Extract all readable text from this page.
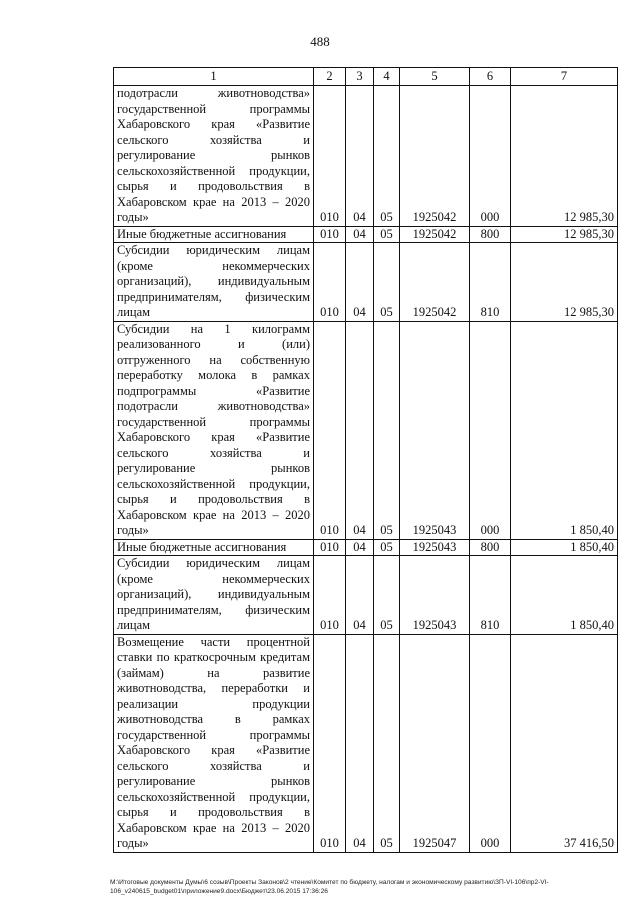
488
1	2	3	4	5	6	7
подотрасли животноводства» государственной программы Хабаровского края «Развитие сельского хозяйства и регулирование рынков сельскохозяйственной продукции, сырья и продовольствия в Хабаровском крае на 2013 – 2020 годы»	010	04	05	1925042	000	12 985,30
Иные бюджетные ассигнования	010	04	05	1925042	800	12 985,30
Субсидии юридическим лицам (кроме некоммерческих организаций), индивидуальным предпринимателям, физическим лицам	010	04	05	1925042	810	12 985,30
Субсидии на 1 килограмм реализованного и (или) отгруженного на собственную переработку молока в рамках подпрограммы «Развитие подотрасли животноводства» государственной программы Хабаровского края «Развитие сельского хозяйства и регулирование рынков сельскохозяйственной продукции, сырья и продовольствия в Хабаровском крае на 2013 – 2020 годы»	010	04	05	1925043	000	1 850,40
Иные бюджетные ассигнования	010	04	05	1925043	800	1 850,40
Субсидии юридическим лицам (кроме некоммерческих организаций), индивидуальным предпринимателям, физическим лицам	010	04	05	1925043	810	1 850,40
Возмещение части процентной ставки по краткосрочным кредитам (займам) на развитие животноводства, переработки и реализации продукции животноводства в рамках государственной программы Хабаровского края «Развитие сельского хозяйства и регулирование рынков сельскохозяйственной продукции, сырья и продовольствия в Хабаровском крае на 2013 – 2020 годы»	010	04	05	1925047	000	37 416,50
M:\Итоговые документы Думы\6 созыв\Проекты Законов\2 чтение\Комитет по бюджету, налогам и экономическому развитию\ЗП-VI-106\пр2-VI-106_v240615_budget01\приложение9.docx\Бюджет\23.06.2015 17:36:26
